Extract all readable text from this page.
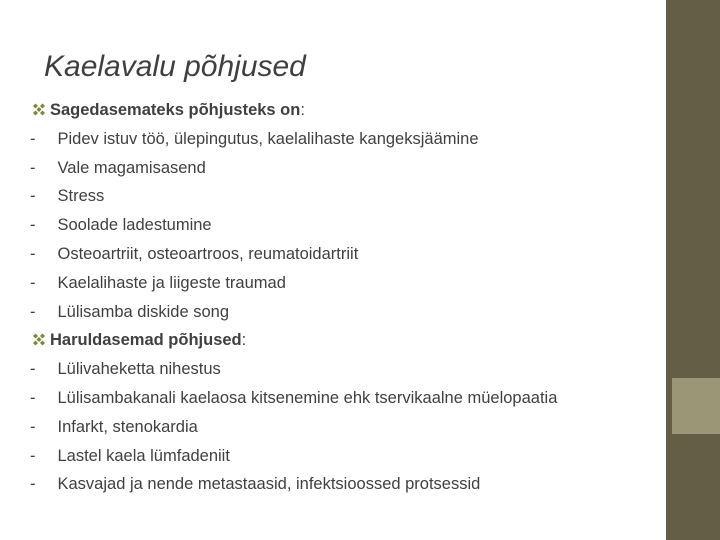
Kaelavalu põhjused
Sagedasemateks põhjusteks on :
-	Pidev istuv töö, ülepingutus, kaelalihaste kangeksjäämine
-	Vale magamisasend
-	Stress
-	Soolade ladestumine
-	Osteoartriit, osteoartroos, reumatoidartriit
-	Kaelalihaste ja liigeste traumad
-	Lülisamba diskide song
Haruldasemad põhjused :
-	Lülivaheketta nihestus
-	Lülisambakanali kaelaosa kitsenemine ehk tservikaalne müelopaatia
-	Infarkt, stenokardia
-	Lastel kaela lümfadeniit
-	Kasvajad ja nende metastaasid, infektsioossed protsessid
